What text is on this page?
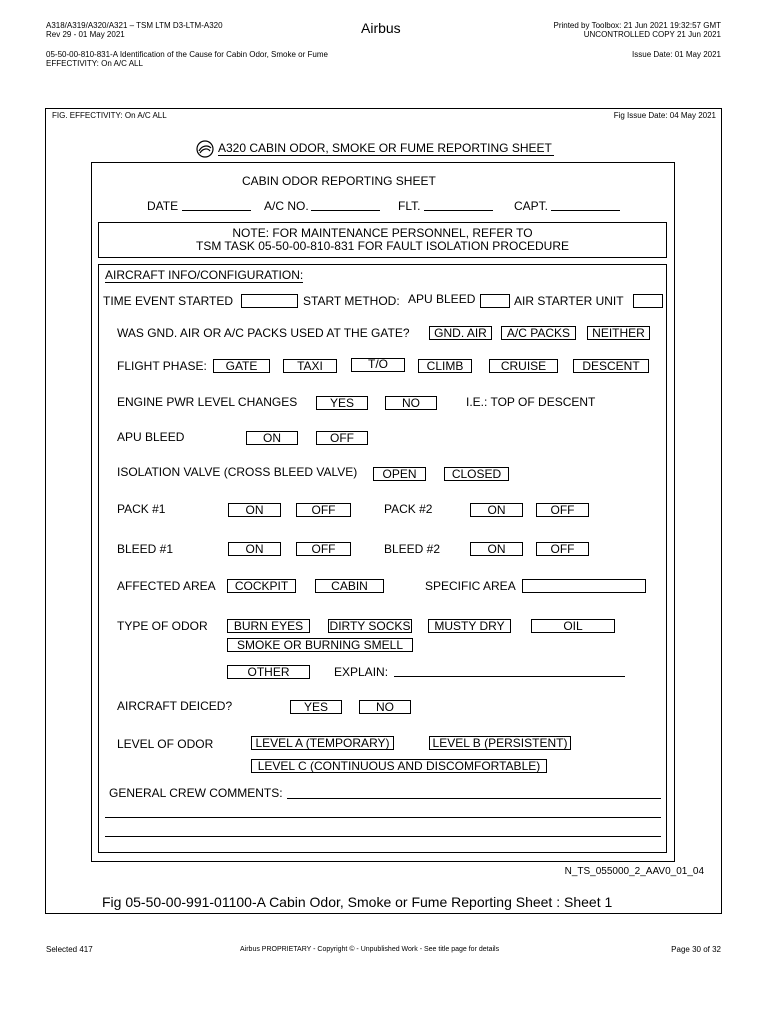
A318/A319/A320/A321 – TSM LTM D3-LTM-A320
Rev 29 - 01 May 2021	Airbus	Printed by Toolbox: 21 Jun 2021 19:32:57 GMT
UNCONTROLLED COPY 21 Jun 2021
05-50-00-810-831-A Identification of the Cause for Cabin Odor, Smoke or Fume
EFFECTIVITY: On A/C ALL
Issue Date: 01 May 2021
FIG. EFFECTIVITY: On A/C ALL	Fig Issue Date: 04 May 2021
A320 CABIN ODOR, SMOKE OR FUME REPORTING SHEET
CABIN ODOR REPORTING SHEET
DATE	A/C NO.	FLT.	CAPT.
NOTE: FOR MAINTENANCE PERSONNEL, REFER TO
TSM TASK 05-50-00-810-831 FOR FAULT ISOLATION PROCEDURE
AIRCRAFT INFO/CONFIGURATION:
TIME EVENT STARTED	START METHOD: APU BLEED	AIR STARTER UNIT
WAS GND. AIR OR A/C PACKS USED AT THE GATE?	GND. AIR	A/C PACKS	NEITHER
FLIGHT PHASE:	GATE	TAXI	T/O	CLIMB	CRUISE	DESCENT
ENGINE PWR LEVEL CHANGES	YES	NO	I.E.: TOP OF DESCENT
APU BLEED	ON	OFF
ISOLATION VALVE (CROSS BLEED VALVE)	OPEN	CLOSED
PACK #1	ON	OFF	PACK #2	ON	OFF
BLEED #1	ON	OFF	BLEED #2	ON	OFF
AFFECTED AREA	COCKPIT	CABIN	SPECIFIC AREA
TYPE OF ODOR	BURN EYES	DIRTY SOCKS	MUSTY DRY	OIL
SMOKE OR BURNING SMELL
OTHER	EXPLAIN:
AIRCRAFT DEICED?	YES	NO
LEVEL OF ODOR	LEVEL A (TEMPORARY)	LEVEL B (PERSISTENT)
LEVEL C (CONTINUOUS AND DISCOMFORTABLE)
GENERAL CREW COMMENTS:
N_TS_055000_2_AAV0_01_04
Fig 05-50-00-991-01100-A Cabin Odor, Smoke or Fume Reporting Sheet : Sheet 1
Selected 417	Airbus PROPRIETARY - Copyright © - Unpublished Work - See title page for details	Page 30 of 32
